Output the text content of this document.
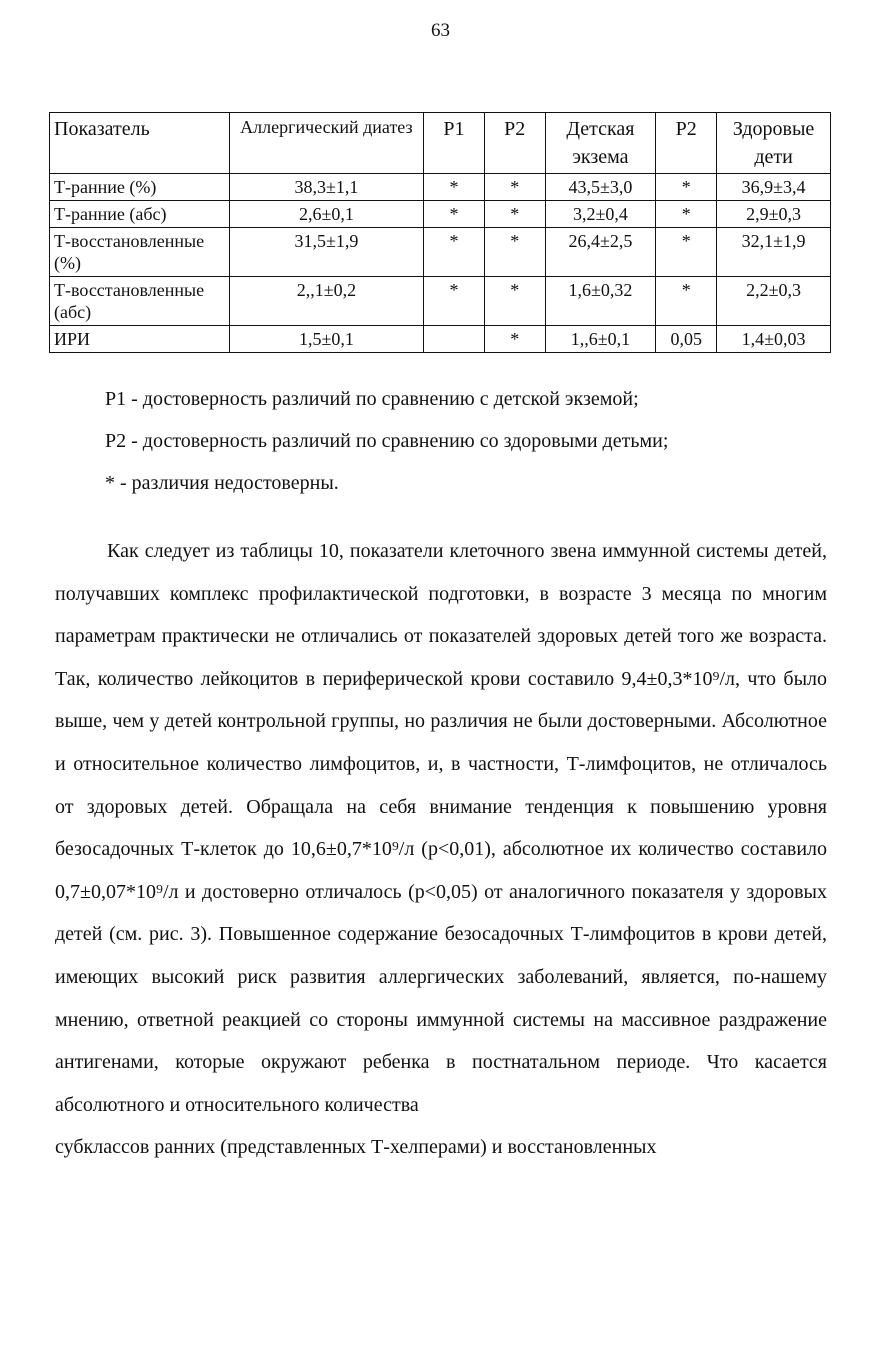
63
Показатель	Аллергический диатез	Р1	Р2	Детская экзема	Р2	Здоровые дети
Т-ранние (%)	38,3±1,1	*	*	43,5±3,0	*	36,9±3,4
Т-ранние (абс)	2,6±0,1	*	*	3,2±0,4	*	2,9±0,3
Т-восстановленные (%)	31,5±1,9	*	*	26,4±2,5	*	32,1±1,9
Т-восстановленные (абс)	2,,1±0,2	*	*	1,6±0,32	*	2,2±0,3
ИРИ	1,5±0,1		*	1,,6±0,1	0,05	1,4±0,03

Р1 - достоверность различий по сравнению с детской экземой;

Р2 - достоверность различий по сравнению со здоровыми детьми;

* - различия недостоверны.

Как следует из таблицы 10, показатели клеточного звена иммунной системы детей, получавших комплекс профилактической подготовки, в возрасте 3 месяца по многим параметрам практически не отличались от показателей здоровых детей того же возраста. Так, количество лейкоцитов в периферической крови составило 9,4±0,3*10⁹/л, что было выше, чем у детей контрольной группы, но различия не были достоверными. Абсолютное и относительное количество лимфоцитов, и, в частности, Т-лимфоцитов, не отличалось от здоровых детей. Обращала на себя внимание тенденция к повышению уровня безосадочных Т-клеток до 10,6±0,7*10⁹/л (р<0,01), абсолютное их количество составило 0,7±0,07*10⁹/л и достоверно отличалось (р<0,05) от аналогичного показателя у здоровых детей (см. рис. 3). Повышенное содержание безосадочных Т-лимфоцитов в крови детей, имеющих высокий риск развития аллергических заболеваний, является, по-нашему мнению, ответной реакцией со стороны иммунной системы на массивное раздражение антигенами, которые окружают ребенка в постнатальном периоде. Что касается абсолютного и относительного количества

субклассов ранних (представленных Т-хелперами) и восстановленных
